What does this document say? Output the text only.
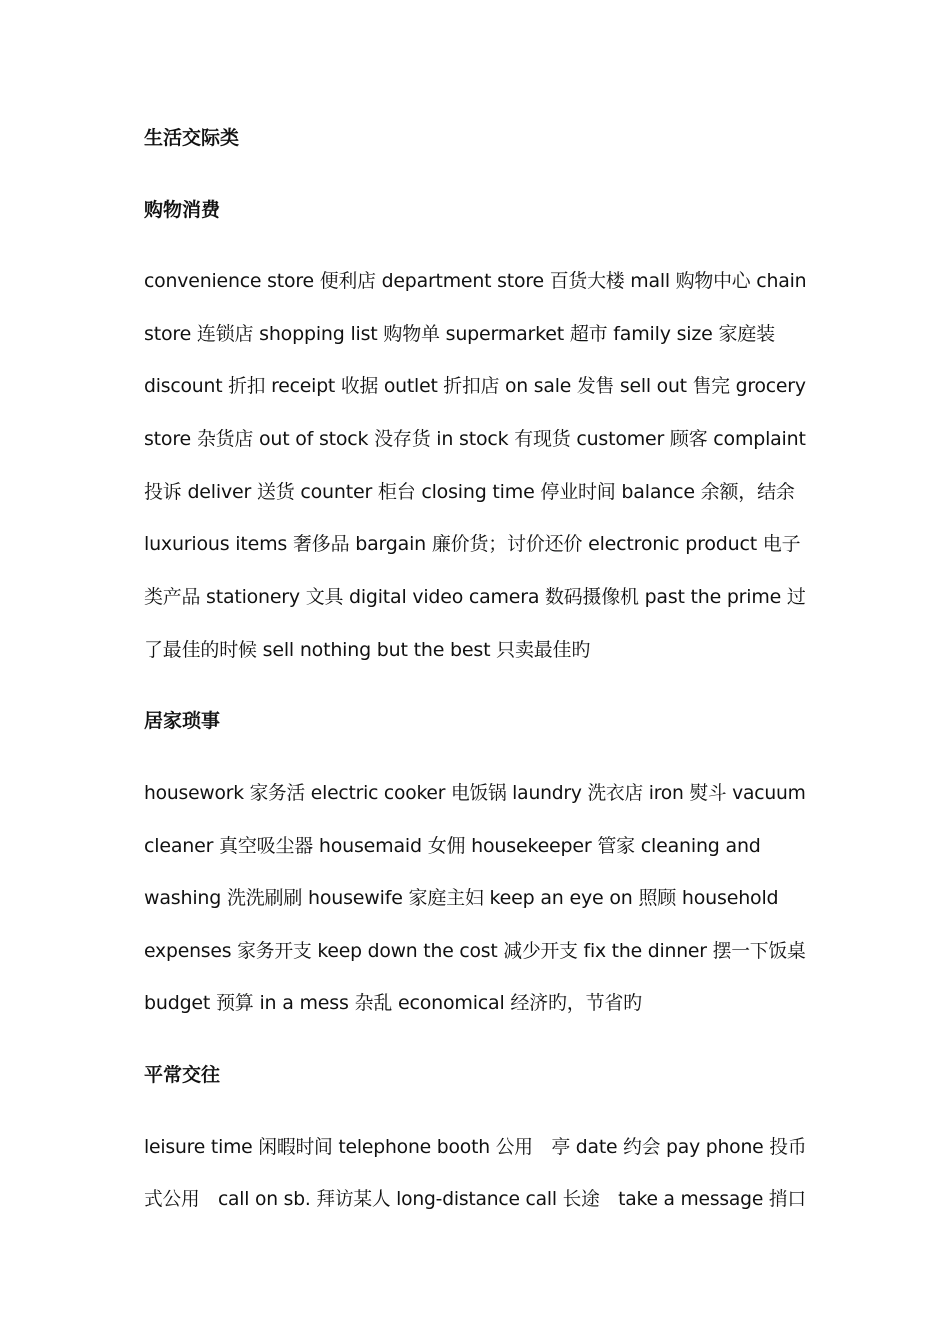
生活交际类
购物消费
convenience store 便利店 department store 百货大楼 mall 购物中心 chain
store 连锁店 shopping list 购物单 supermarket 超市 family size 家庭装
discount 折扣 receipt 收据 outlet 折扣店 on sale 发售 sell out 售完 grocery
store 杂货店 out of stock 没存货 in stock 有现货 customer 顾客 complaint
投诉 deliver 送货 counter 柜台 closing time 停业时间 balance 余额，结余
luxurious items 奢侈品 bargain 廉价货；讨价还价 electronic product 电子
类产品 stationery 文具 digital video camera 数码摄像机 past the prime 过
了最佳的时候 sell nothing but the best 只卖最佳旳
居家琐事
housework 家务活 electric cooker 电饭锅 laundry 洗衣店 iron 熨斗 vacuum
cleaner 真空吸尘器 housemaid 女佣 housekeeper 管家 cleaning and
washing 洗洗刷刷 housewife 家庭主妇 keep an eye on 照顾 household
expenses 家务开支 keep down the cost 减少开支 fix the dinner 摆一下饭桌
budget 预算 in a mess 杂乱 economical 经济旳，节省旳
平常交往
leisure time 闲暇时间 telephone booth 公用　亭 date 约会 pay phone 投币
式公用　call on sb. 拜访某人 long-distance call 长途　take a message 捎口
